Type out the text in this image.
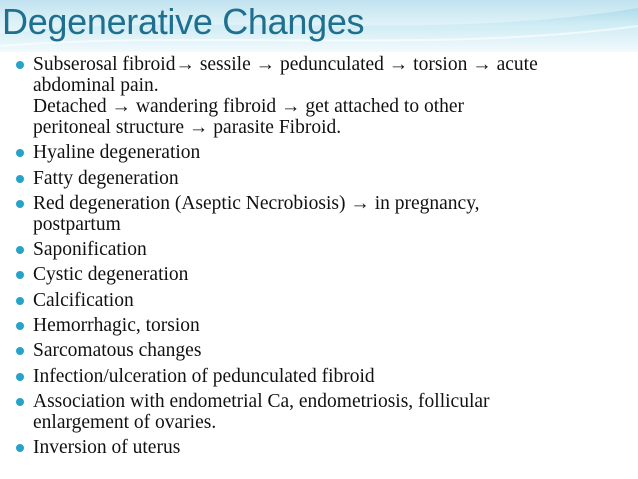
Degenerative Changes
Subserosal fibroid→ sessile → pedunculated → torsion → acute
abdominal pain.
Detached → wandering fibroid → get attached to other
peritoneal structure → parasite Fibroid.
Hyaline degeneration
Fatty degeneration
Red degeneration (Aseptic Necrobiosis) → in pregnancy,
postpartum
Saponification
Cystic degeneration
Calcification
Hemorrhagic, torsion
Sarcomatous changes
Infection/ulceration of pedunculated fibroid
Association with endometrial Ca, endometriosis, follicular
enlargement of ovaries.
Inversion of uterus
